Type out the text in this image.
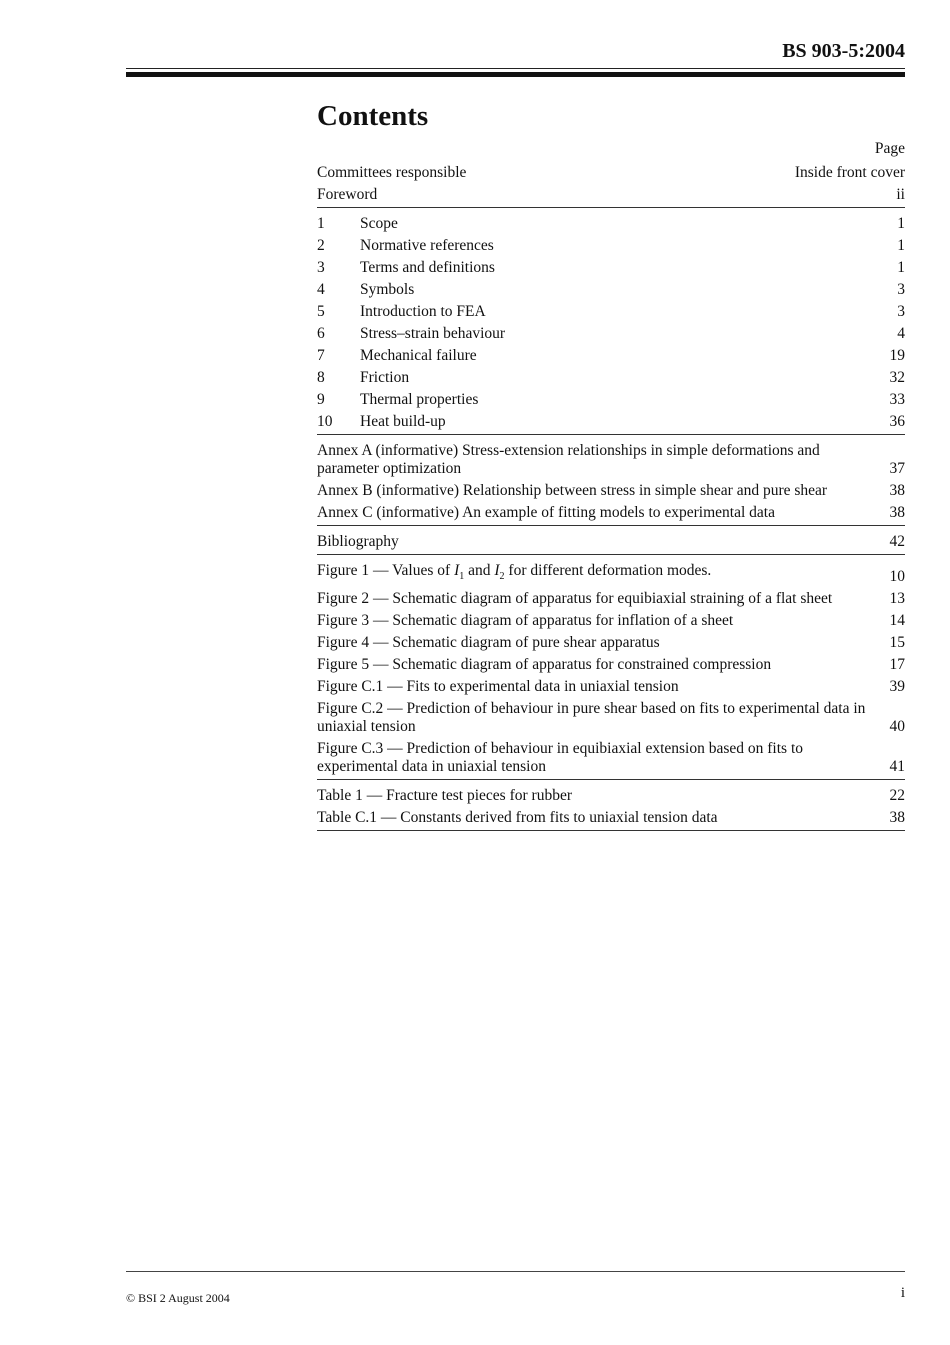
BS 903-5:2004
Contents
Page
Committees responsible	Inside front cover
Foreword	ii
1	Scope	1
2	Normative references	1
3	Terms and definitions	1
4	Symbols	3
5	Introduction to FEA	3
6	Stress–strain behaviour	4
7	Mechanical failure	19
8	Friction	32
9	Thermal properties	33
10	Heat build-up	36
Annex A (informative) Stress-extension relationships in simple deformations and parameter optimization	37
Annex B (informative) Relationship between stress in simple shear and pure shear	38
Annex C (informative) An example of fitting models to experimental data	38
Bibliography	42
Figure 1 — Values of $I_1$ and $I_2$ for different deformation modes.	10
Figure 2 — Schematic diagram of apparatus for equibiaxial straining of a flat sheet	13
Figure 3 — Schematic diagram of apparatus for inflation of a sheet	14
Figure 4 — Schematic diagram of pure shear apparatus	15
Figure 5 — Schematic diagram of apparatus for constrained compression	17
Figure C.1 — Fits to experimental data in uniaxial tension	39
Figure C.2 — Prediction of behaviour in pure shear based on fits to experimental data in uniaxial tension	40
Figure C.3 — Prediction of behaviour in equibiaxial extension based on fits to experimental data in uniaxial tension	41
Table 1 — Fracture test pieces for rubber	22
Table C.1 — Constants derived from fits to uniaxial tension data	38
© BSI 2 August 2004	i
